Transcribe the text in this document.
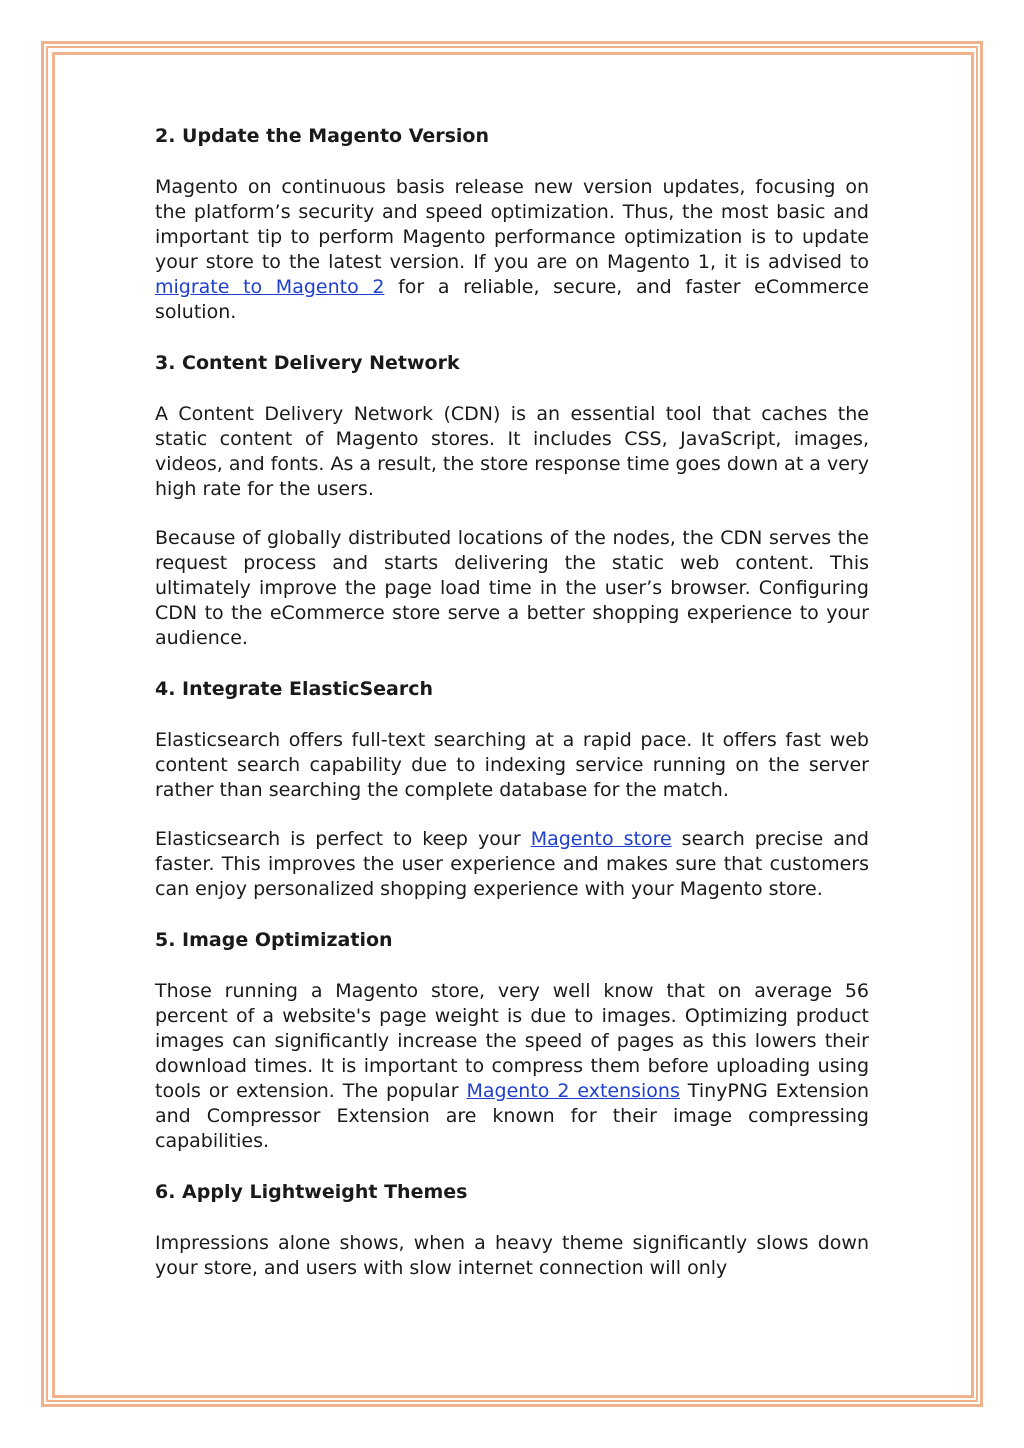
2. Update the Magento Version

Magento on continuous basis release new version updates, focusing on the platform’s security and speed optimization. Thus, the most basic and important tip to perform Magento performance optimization is to update your store to the latest version. If you are on Magento 1, it is advised to migrate to Magento 2 for a reliable, secure, and faster eCommerce solution.

3. Content Delivery Network

A Content Delivery Network (CDN) is an essential tool that caches the static content of Magento stores. It includes CSS, JavaScript, images, videos, and fonts. As a result, the store response time goes down at a very high rate for the users.

Because of globally distributed locations of the nodes, the CDN serves the request process and starts delivering the static web content. This ultimately improve the page load time in the user’s browser. Configuring CDN to the eCommerce store serve a better shopping experience to your audience.

4. Integrate ElasticSearch

Elasticsearch offers full-text searching at a rapid pace. It offers fast web content search capability due to indexing service running on the server rather than searching the complete database for the match.

Elasticsearch is perfect to keep your Magento store search precise and faster. This improves the user experience and makes sure that customers can enjoy personalized shopping experience with your Magento store.

5. Image Optimization

Those running a Magento store, very well know that on average 56 percent of a website's page weight is due to images. Optimizing product images can significantly increase the speed of pages as this lowers their download times. It is important to compress them before uploading using tools or extension. The popular Magento 2 extensions TinyPNG Extension and Compressor Extension are known for their image compressing capabilities.

6. Apply Lightweight Themes

Impressions alone shows, when a heavy theme significantly slows down your store, and users with slow internet connection will only
